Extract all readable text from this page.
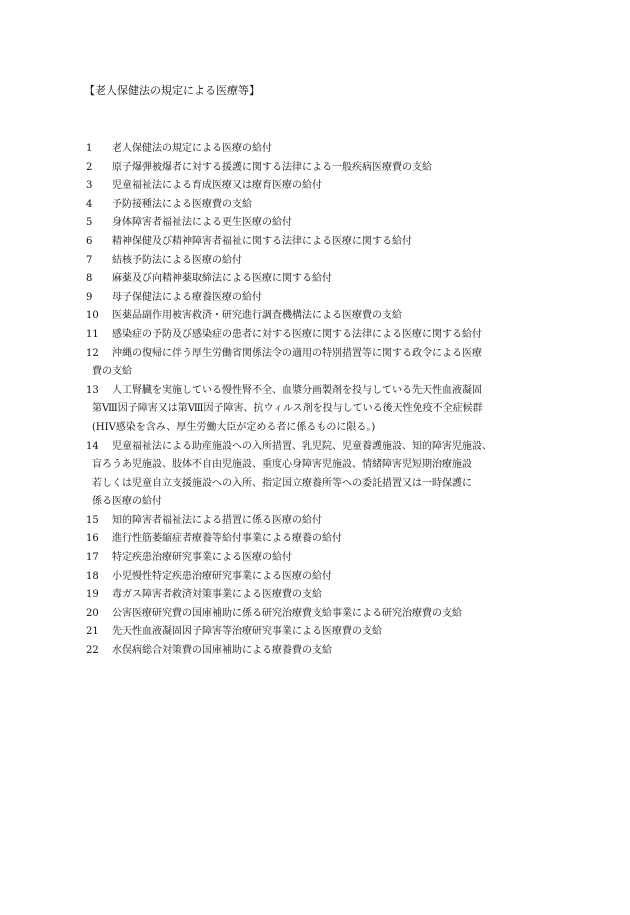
【老人保健法の規定による医療等】
1	老人保健法の規定による医療の給付
2	原子爆弾被爆者に対する援護に関する法律による一般疾病医療費の支給
3	児童福祉法による育成医療又は療育医療の給付
4	予防接種法による医療費の支給
5	身体障害者福祉法による更生医療の給付
6	精神保健及び精神障害者福祉に関する法律による医療に関する給付
7	結核予防法による医療の給付
8	麻薬及び向精神薬取締法による医療に関する給付
9	母子保健法による療養医療の給付
10	医薬品副作用被害救済・研究進行調査機構法による医療費の支給
11	感染症の予防及び感染症の患者に対する医療に関する法律による医療に関する給付
12	沖縄の復帰に伴う厚生労働省関係法令の適用の特別措置等に関する政令による医療
費の支給
13	人工腎臓を実施している慢性腎不全、血漿分画製剤を投与している先天性血液凝固
第Ⅷ因子障害又は第Ⅷ因子障害、抗ウィルス剤を投与している後天性免疫不全症候群
(HIV感染を含み、厚生労働大臣が定める者に係るものに限る。)
14	児童福祉法による助産施設への入所措置、乳児院、児童養護施設、知的障害児施設、
盲ろうあ児施設、肢体不自由児施設、重度心身障害児施設、情緒障害児短期治療施設
若しくは児童自立支援施設への入所、指定国立療養所等への委託措置又は一時保護に
係る医療の給付
15	知的障害者福祉法による措置に係る医療の給付
16	進行性筋萎縮症者療養等給付事業による療養の給付
17	特定疾患治療研究事業による医療の給付
18	小児慢性特定疾患治療研究事業による医療の給付
19	毒ガス障害者救済対策事業による医療費の支給
20	公害医療研究費の国庫補助に係る研究治療費支給事業による研究治療費の支給
21	先天性血液凝固因子障害等治療研究事業による医療費の支給
22	水俣病総合対策費の国庫補助による療養費の支給
